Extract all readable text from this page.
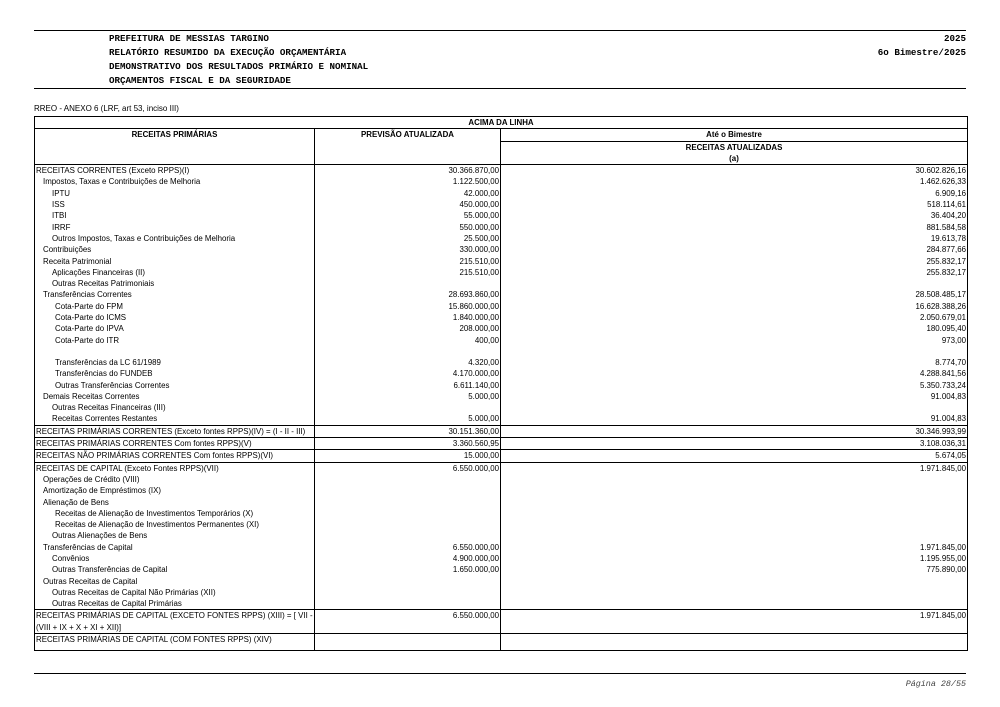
PREFEITURA DE MESSIAS TARGINO	2025
RELATÓRIO RESUMIDO DA EXECUÇÃO ORÇAMENTÁRIA	6o Bimestre/2025
DEMONSTRATIVO DOS RESULTADOS PRIMÁRIO E NOMINAL
ORÇAMENTOS FISCAL E DA SEGURIDADE
RREO - ANEXO 6 (LRF, art 53, inciso III)
ACIMA DA LINHA		
RECEITAS PRIMÁRIAS	PREVISÃO ATUALIZADA	Até o Bimestre
		RECEITAS ATUALIZADAS
		(a)
RECEITAS CORRENTES (Exceto RPPS)(I)	30.366.870,00	30.602.826,16
Impostos, Taxas e Contribuições de Melhoria	1.122.500,00	1.462.626,33
IPTU	42.000,00	6.909,16
ISS	450.000,00	518.114,61
ITBI	55.000,00	36.404,20
IRRF	550.000,00	881.584,58
Outros Impostos, Taxas e Contribuições de Melhoria	25.500,00	19.613,78
Contribuições	330.000,00	284.877,66
Receita Patrimonial	215.510,00	255.832,17
Aplicações Financeiras (II)	215.510,00	255.832,17
Outras Receitas Patrimoniais		
Transferências Correntes	28.693.860,00	28.508.485,17
Cota-Parte do FPM	15.860.000,00	16.628.388,26
Cota-Parte do ICMS	1.840.000,00	2.050.679,01
Cota-Parte do IPVA	208.000,00	180.095,40
Cota-Parte do ITR	400,00	973,00
Transferências da LC 61/1989	4.320,00	8.774,70
Transferências do FUNDEB	4.170.000,00	4.288.841,56
Outras Transferências Correntes	6.611.140,00	5.350.733,24
Demais Receitas Correntes	5.000,00	91.004,83
Outras Receitas Financeiras (III)		
Receitas Correntes Restantes	5.000,00	91.004,83
RECEITAS PRIMÁRIAS CORRENTES (Exceto fontes RPPS)(IV) = (I - II - III)	30.151.360,00	30.346.993,99
RECEITAS PRIMÁRIAS CORRENTES Com fontes RPPS)(V)	3.360.560,95	3.108.036,31
RECEITAS NÃO PRIMÁRIAS CORRENTES Com fontes RPPS)(VI)	15.000,00	5.674,05
RECEITAS DE CAPITAL (Exceto Fontes RPPS)(VII)	6.550.000,00	1.971.845,00
Operações de Crédito (VIII)		
Amortização de Empréstimos (IX)		
Alienação de Bens		
Receitas de Alienação de Investimentos Temporários (X)		
Receitas de Alienação de Investimentos Permanentes (XI)		
Outras Alienações de Bens		
Transferências de Capital	6.550.000,00	1.971.845,00
Convênios	4.900.000,00	1.195.955,00
Outras Transferências de Capital	1.650.000,00	775.890,00
Outras Receitas de Capital		
Outras Receitas de Capital Não Primárias (XII)		
Outras Receitas de Capital Primárias		
RECEITAS PRIMÁRIAS DE CAPITAL (EXCETO FONTES RPPS) (XIII) = [ VII - (VIII + IX + X + XI + XII)]	6.550.000,00	1.971.845,00
RECEITAS PRIMÁRIAS DE CAPITAL (COM FONTES RPPS) (XIV)		
Página 28/55
